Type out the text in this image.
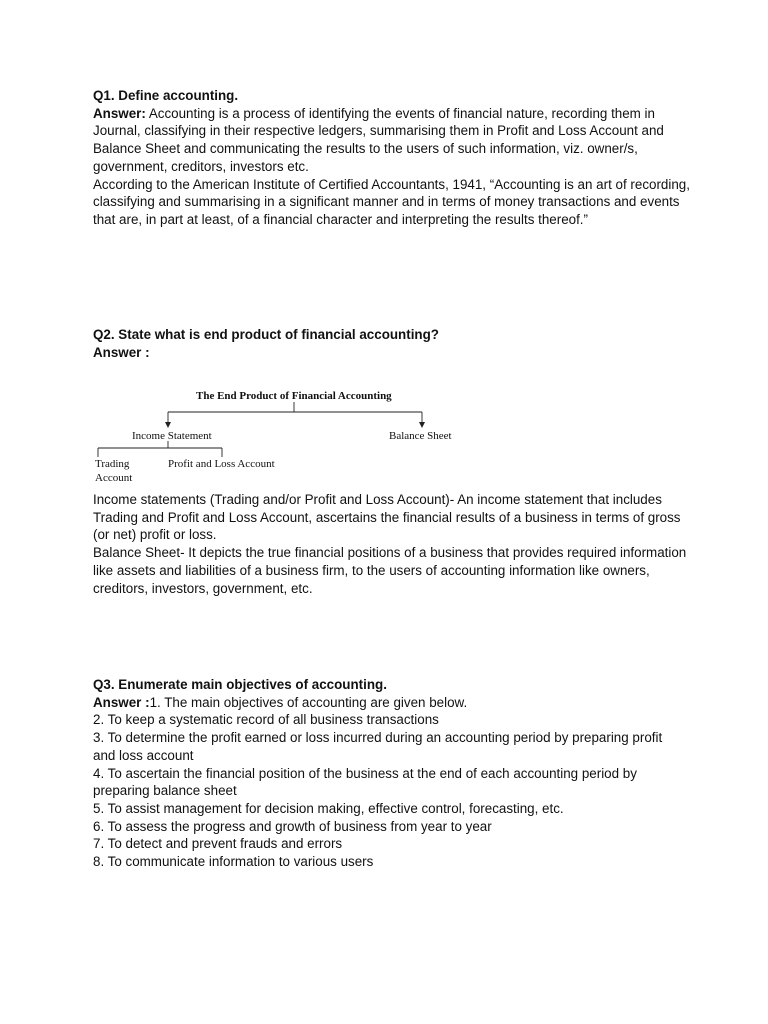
Q1. Define accounting.

Answer: Accounting is a process of identifying the events of financial nature, recording them in Journal, classifying in their respective ledgers, summarising them in Profit and Loss Account and Balance Sheet and communicating the results to the users of such information, viz. owner/s, government, creditors, investors etc.

According to the American Institute of Certified Accountants, 1941, “Accounting is an art of recording, classifying and summarising in a significant manner and in terms of money transactions and events that are, in part at least, of a financial character and interpreting the results thereof.”

Q2. State what is end product of financial accounting?

Answer :

The End Product of Financial Accounting
Income Statement	Balance Sheet
Trading
Account
Profit and Loss Account

Income statements (Trading and/or Profit and Loss Account)- An income statement that includes Trading and Profit and Loss Account, ascertains the financial results of a business in terms of gross (or net) profit or loss.

Balance Sheet- It depicts the true financial positions of a business that provides required information like assets and liabilities of a business firm, to the users of accounting information like owners, creditors, investors, government, etc.

Q3. Enumerate main objectives of accounting.

Answer :1. The main objectives of accounting are given below.

2. To keep a systematic record of all business transactions

3. To determine the profit earned or loss incurred during an accounting period by preparing profit and loss account

4. To ascertain the financial position of the business at the end of each accounting period by preparing balance sheet

5. To assist management for decision making, effective control, forecasting, etc.

6. To assess the progress and growth of business from year to year

7. To detect and prevent frauds and errors

8. To communicate information to various users
